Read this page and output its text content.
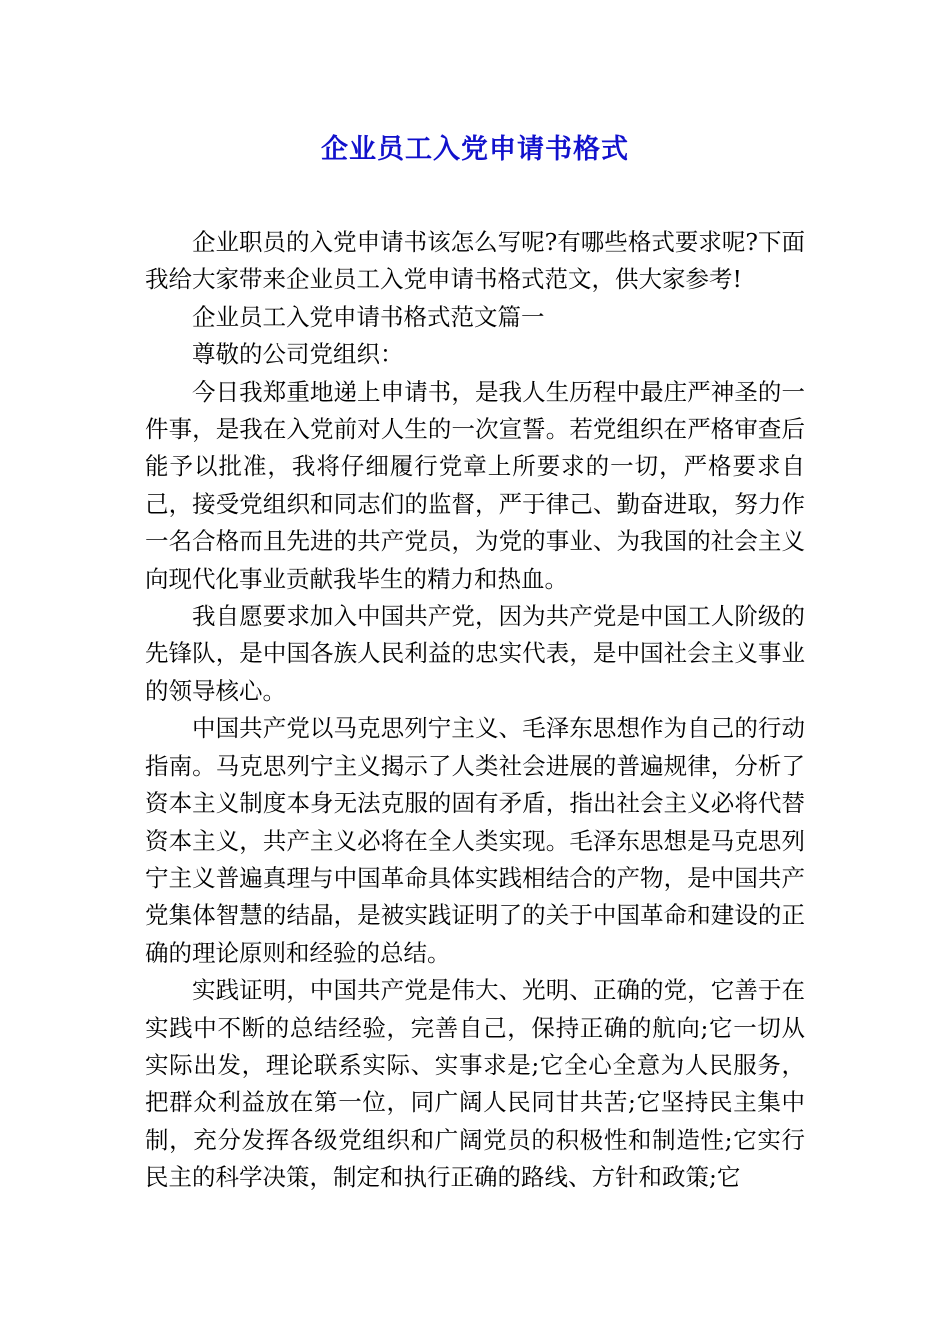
企业员工入党申请书格式

企业职员的入党申请书该怎么写呢?有哪些格式要求呢?下面我给大家带来企业员工入党申请书格式范文，供大家参考!

企业员工入党申请书格式范文篇一

尊敬的公司党组织：

今日我郑重地递上申请书，是我人生历程中最庄严神圣的一件事，是我在入党前对人生的一次宣誓。若党组织在严格审查后能予以批准，我将仔细履行党章上所要求的一切，严格要求自己，接受党组织和同志们的监督，严于律己、勤奋进取，努力作一名合格而且先进的共产党员，为党的事业、为我国的社会主义向现代化事业贡献我毕生的精力和热血。

我自愿要求加入中国共产党，因为共产党是中国工人阶级的先锋队，是中国各族人民利益的忠实代表，是中国社会主义事业的领导核心。

中国共产党以马克思列宁主义、毛泽东思想作为自己的行动指南。马克思列宁主义揭示了人类社会进展的普遍规律，分析了资本主义制度本身无法克服的固有矛盾，指出社会主义必将代替资本主义，共产主义必将在全人类实现。毛泽东思想是马克思列宁主义普遍真理与中国革命具体实践相结合的产物，是中国共产党集体智慧的结晶，是被实践证明了的关于中国革命和建设的正确的理论原则和经验的总结。

实践证明，中国共产党是伟大、光明、正确的党，它善于在实践中不断的总结经验，完善自己，保持正确的航向;它一切从实际出发，理论联系实际、实事求是;它全心全意为人民服务，把群众利益放在第一位，同广阔人民同甘共苦;它坚持民主集中制，充分发挥各级党组织和广阔党员的积极性和制造性;它实行民主的科学决策，制定和执行正确的路线、方针和政策;它
